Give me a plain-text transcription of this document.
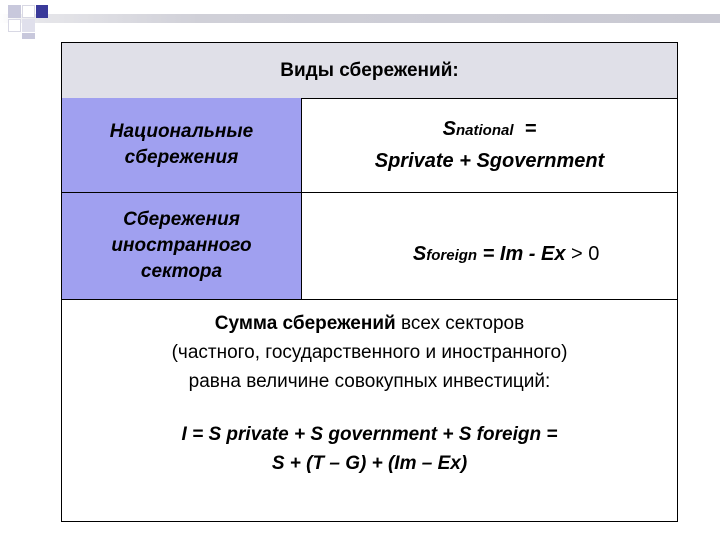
Виды сбережений:
Национальные сбережения
Snational =
Sprivate + Sgovernment
Сбережения иностранного сектора

Sforeign = Im - Ex > 0

Сумма сбережений всех секторов
(частного, государственного и иностранного)
равна величине совокупных инвестиций:
I = S private + S government + S foreign =
S + (T – G) + (Im – Ex)
